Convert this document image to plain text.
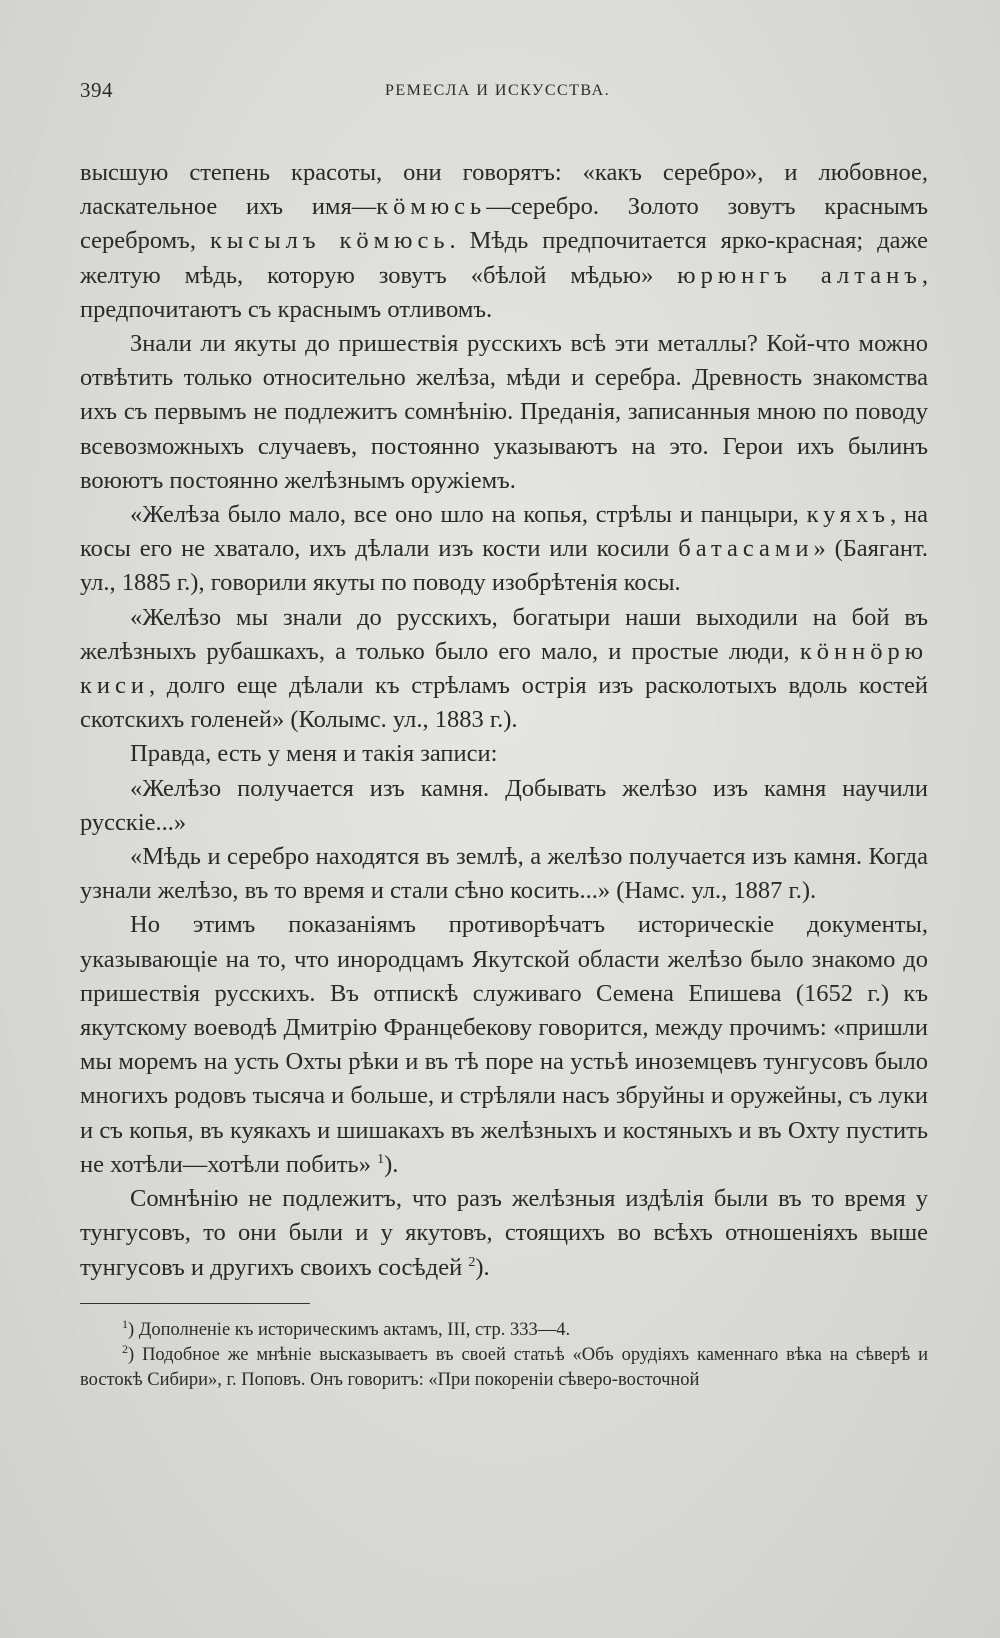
394	РЕМЕСЛА И ИСКУССТВА.

высшую степень красоты, они говорятъ: «какъ серебро», и любовное, ласкательное ихъ имя—кӧмюсь—серебро. Золото зовутъ краснымъ серебромъ, кысылъ кӧмюсь. Мѣдь предпочитается ярко-красная; даже желтую мѣдь, которую зовутъ «бѣлой мѣдью» юрюнгъ алтанъ, предпочитаютъ съ краснымъ отливомъ.

Знали ли якуты до пришествія русскихъ всѣ эти металлы? Кой-что можно отвѣтить только относительно желѣза, мѣди и серебра. Древность знакомства ихъ съ первымъ не подлежитъ сомнѣнію. Преданія, записанныя мною по поводу всевозможныхъ случаевъ, постоянно указываютъ на это. Герои ихъ былинъ воюютъ постоянно желѣзнымъ оружіемъ.

«Желѣза было мало, все оно шло на копья, стрѣлы и панцыри, куяхъ, на косы его не хватало, ихъ дѣлали изъ кости или косили батасами» (Баягант. ул., 1885 г.), говорили якуты по поводу изобрѣтенія косы.

«Желѣзо мы знали до русскихъ, богатыри наши выходили на бой въ желѣзныхъ рубашкахъ, а только было его мало, и простые люди, кӧннӧрю киси, долго еще дѣлали къ стрѣламъ острія изъ расколотыхъ вдоль костей скотскихъ голеней» (Колымс. ул., 1883 г.).

Правда, есть у меня и такія записи:

«Желѣзо получается изъ камня. Добывать желѣзо изъ камня научили русскіе...»

«Мѣдь и серебро находятся въ землѣ, а желѣзо получается изъ камня. Когда узнали желѣзо, въ то время и стали сѣно косить...» (Намс. ул., 1887 г.).

Но этимъ показаніямъ противорѣчатъ историческіе документы, указывающіе на то, что инородцамъ Якутской области желѣзо было знакомо до пришествія русскихъ. Въ отпискѣ служиваго Семена Епишева (1652 г.) къ якутскому воеводѣ Дмитрію Францебекову говорится, между прочимъ: «пришли мы моремъ на усть Охты рѣки и въ тѣ поре на устьѣ иноземцевъ тунгусовъ было многихъ родовъ тысяча и больше, и стрѣляли насъ збруйны и оружейны, съ луки и съ копья, въ куякахъ и шишакахъ въ желѣзныхъ и костяныхъ и въ Охту пустить не хотѣли—хотѣли побить» $^1$).

Сомнѣнію не подлежитъ, что разъ желѣзныя издѣлія были въ то время у тунгусовъ, то они были и у якутовъ, стоящихъ во всѣхъ отношеніяхъ выше тунгусовъ и другихъ своихъ сосѣдей $^2$).

$^1$) Дополненіе къ историческимъ актамъ, III, стр. 333—4.

$^2$) Подобное же мнѣніе высказываетъ въ своей статьѣ «Объ орудіяхъ каменнаго вѣка на сѣверѣ и востокѣ Сибири», г. Поповъ. Онъ говоритъ: «При покореніи сѣверо-восточной
